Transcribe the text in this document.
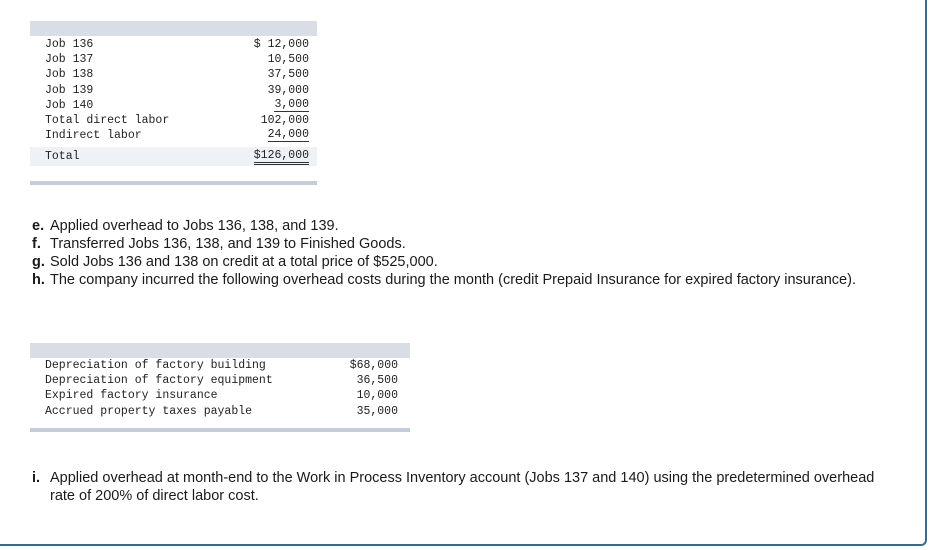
Job 136	$ 12,000
Job 137	10,500
Job 138	37,500
Job 139	39,000
Job 140	3,000
Total direct labor	102,000
Indirect labor	24,000
Total	$126,000
e. Applied overhead to Jobs 136, 138, and 139.
f. Transferred Jobs 136, 138, and 139 to Finished Goods.
g. Sold Jobs 136 and 138 on credit at a total price of $525,000.
h. The company incurred the following overhead costs during the month (credit Prepaid Insurance for expired factory insurance).
Depreciation of factory building	$68,000
Depreciation of factory equipment	36,500
Expired factory insurance	10,000
Accrued property taxes payable	35,000
i. Applied overhead at month-end to the Work in Process Inventory account (Jobs 137 and 140) using the predetermined overhead rate of 200% of direct labor cost.
